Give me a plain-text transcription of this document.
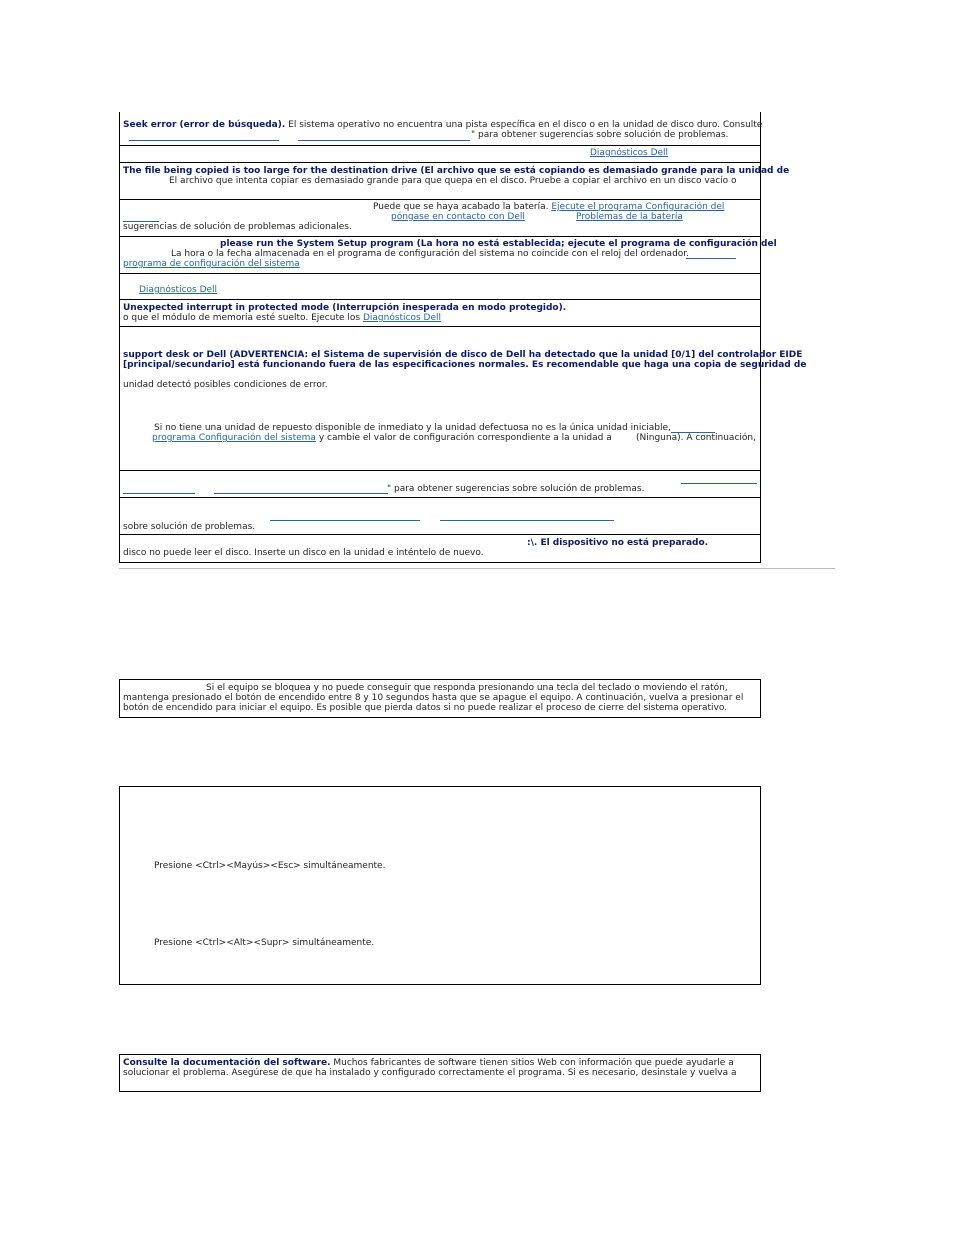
Seek error (error de búsqueda). El sistema operativo no encuentra una pista específica en el disco o en la unidad de disco duro. Consulte
" para obtener sugerencias sobre solución de problemas.
Diagnósticos Dell
The file being copied is too large for the destination drive (El archivo que se está copiando es demasiado grande para la unidad de
El archivo que intenta copiar es demasiado grande para que quepa en el disco. Pruebe a copiar el archivo en un disco vacío o
Puede que se haya acabado la batería. Ejecute el programa Configuración del
póngase en contacto con Dell	Problemas de la batería
sugerencias de solución de problemas adicionales.
please run the System Setup program (La hora no está establecida; ejecute el programa de configuración del
La hora o la fecha almacenada en el programa de configuración del sistema no coincide con el reloj del ordenador.
programa de configuración del sistema
Diagnósticos Dell
Unexpected interrupt in protected mode (Interrupción inesperada en modo protegido).
o que el módulo de memoria esté suelto. Ejecute los Diagnósticos Dell
support desk or Dell (ADVERTENCIA: el Sistema de supervisión de disco de Dell ha detectado que la unidad [0/1] del controlador EIDE
[principal/secundario] está funcionando fuera de las especificaciones normales. Es recomendable que haga una copia de seguridad de
unidad detectó posibles condiciones de error.
Si no tiene una unidad de repuesto disponible de inmediato y la unidad defectuosa no es la única unidad iniciable,
programa Configuración del sistema y cambie el valor de configuración correspondiente a la unidad a	(Ninguna). A continuación,
" para obtener sugerencias sobre solución de problemas.
sobre solución de problemas.
:\. El dispositivo no está preparado.
disco no puede leer el disco. Inserte un disco en la unidad e inténtelo de nuevo.
Si el equipo se bloquea y no puede conseguir que responda presionando una tecla del teclado o moviendo el ratón,
mantenga presionado el botón de encendido entre 8 y 10 segundos hasta que se apague el equipo. A continuación, vuelva a presionar el
botón de encendido para iniciar el equipo. Es posible que pierda datos si no puede realizar el proceso de cierre del sistema operativo.
Presione <Ctrl><Mayús><Esc> simultáneamente.
Presione <Ctrl><Alt><Supr> simultáneamente.
Consulte la documentación del software. Muchos fabricantes de software tienen sitios Web con información que puede ayudarle a
solucionar el problema. Asegúrese de que ha instalado y configurado correctamente el programa. Si es necesario, desinstale y vuelva a
